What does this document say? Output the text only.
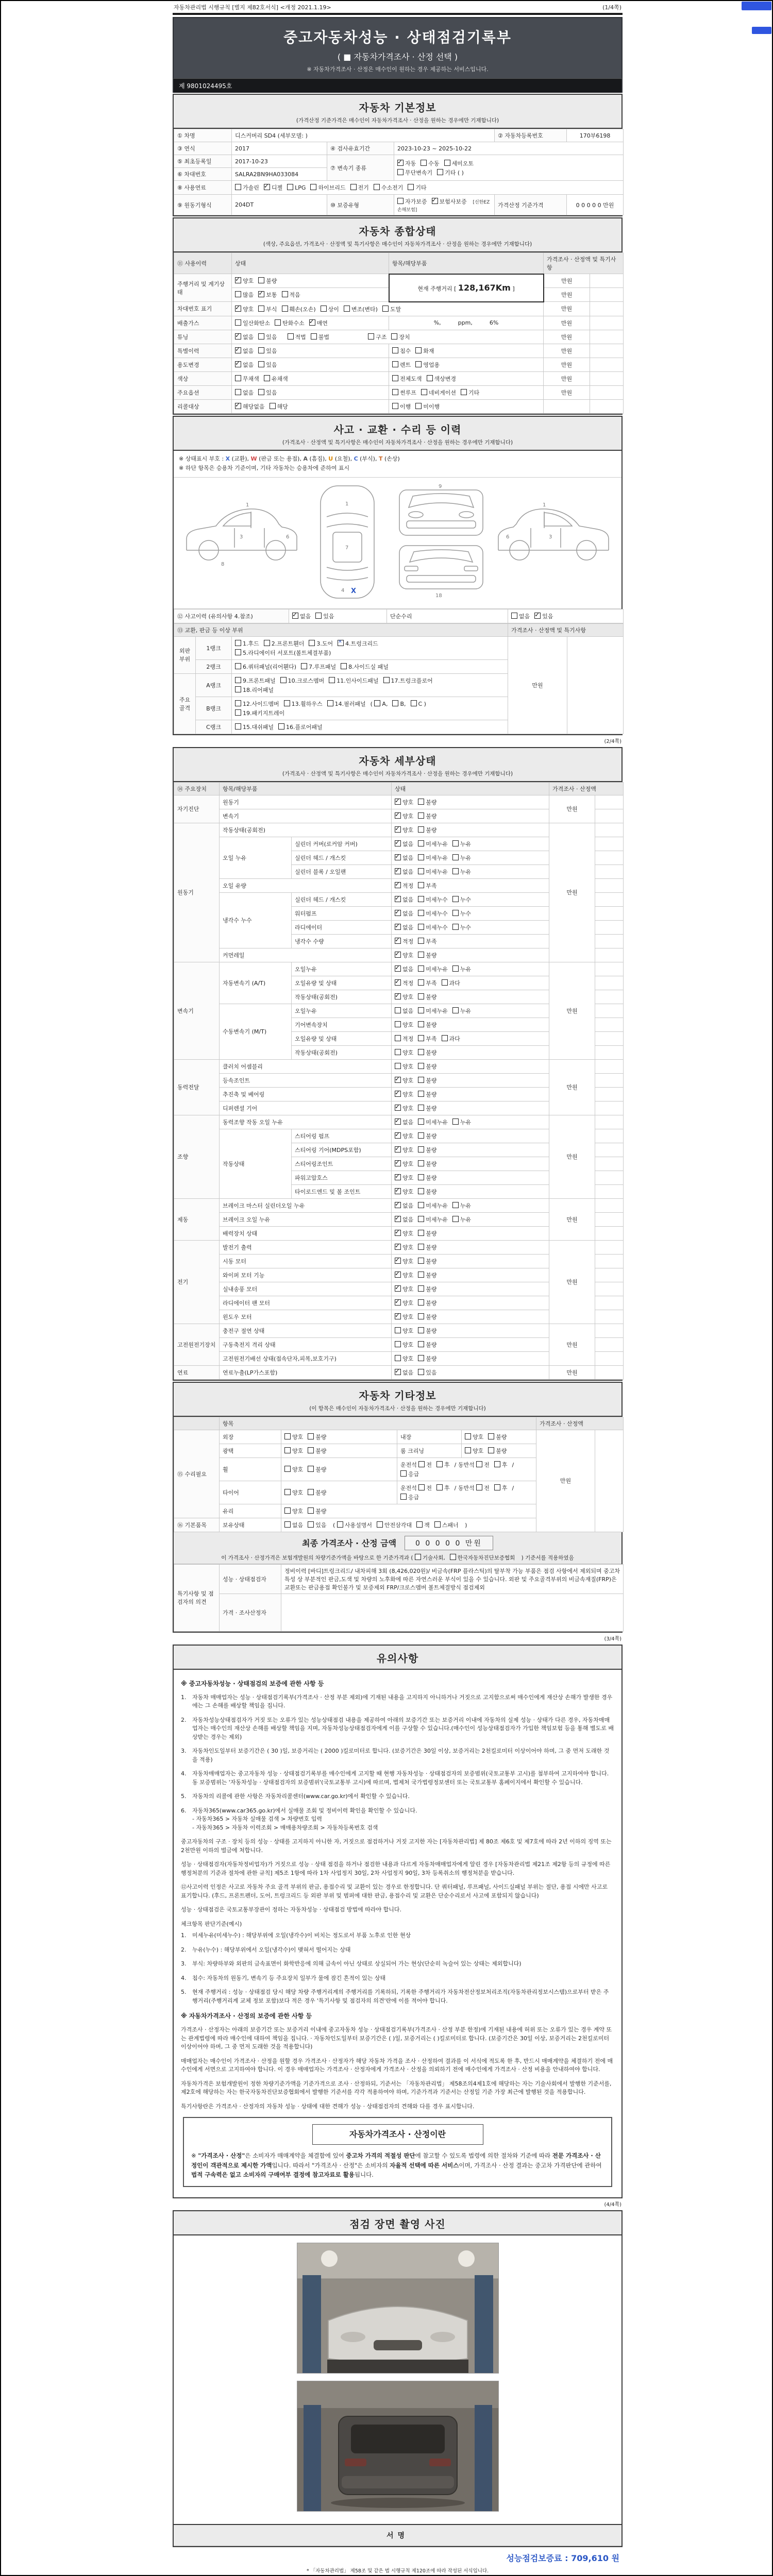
자동차관리법 시행규칙 [별지 제82호서식] <개정 2021.1.19>	(1/4쪽)
중고자동차성능 · 상태점검기록부
( ■ 자동차가격조사 · 산정 선택 )
※ 자동차가격조사 · 산정은 매수인이 원하는 경우 제공하는 서비스입니다.
제 9801024495호
자동차 기본정보
(가격산정 기준가격은 매수인이 자동차가격조사 · 산정을 원하는 경우에만 기재합니다)
① 차명	디스커버리 SD4 (세부모델: )			② 자동차등록번호	170부6198
③ 연식	2017	④ 검사유효기간	2023-10-23 ~ 2025-10-22		
⑤ 최초등록일	2017-10-23	⑦ 변속기 종류	✓자동 수동 세미오토
무단변속기 기타 ( )
⑥ 차대번호	SALRA2BN9HA033084				
⑧ 사용연료	가솔린 ✓ 디젤 LPG 하이브리드 전기 수소전기 기타
⑨ 원동기형식	204DT	⑩ 보증유형	자가보증 ✓ 보험사보증 [신한EZ손해보험]	가격산정 기준가격	0 0 0 0 0 만원
자동차 종합상태
(색상, 주요옵션, 가격조사 · 산정액 및 특기사항은 매수인이 자동차가격조사 · 산정을 원하는 경우에만 기재합니다)
⑪ 사용이력	상태	항목/해당부품	가격조사 · 산정액 및 특기사항	
주행거리 및 계기상태	✓양호 불량	현재 주행거리 [ 128,167Km ]	만원	
	많음 ✓ 보통 적음		만원	
차대번호 표기	✓양호 부식 훼손(오손) 상이 변조(변타) 도말		만원	
배출가스	일산화탄소 탄화수소 ✓ 매연	%,   ppm,   6%	만원	
튜닝	✓없음 있음   적법 불법       구조 장치		만원	
특별이력	✓없음 있음	침수 화재	만원	
용도변경	✓없음 있음	렌트 영업용	만원	
색상	무채색 유채색	전체도색 색상변경	만원	
주요옵션	없음 있음	썬루프 네비게이션 기타	만원	
리콜대상	✓해당없음 해당	이행 미이행		
사고 · 교환 · 수리 등 이력
(가격조사 · 산정액 및 특기사항은 매수인이 자동차가격조사 · 산정을 원하는 경우에만 기재합니다)
※ 상태표시 부호 : X (교환), W (판금 또는 용접), A (흠집), U (요철), C (부식), T (손상)
※ 하단 항목은 승용차 기준이며, 기타 자동차는 승용차에 준하여 표시
1
3	6
8
1
7
4
9
18
1
3
6
X
⑫ 사고이력 (유의사항 4.참조)	✓없음 있음	단순수리	없음 ✓ 있음
⑬ 교환, 판금 등 이상 부위			가격조사 · 산정액 및 특기사항	
외판부위	1랭크	1.후드 2.프론트휀더 3.도어 ✕ 4.트렁크리드
5.라디에이터 서포트(볼트체결부품)	만원	
	2랭크	6.쿼터패널(리어휀다) 7.루프패널 8.사이드실 패널		
주요골격	A랭크	9.프론트패널 10.크로스멤버 11.인사이드패널 17.트렁크플로어
18.리어패널		
	B랭크	12.사이드멤버 13.휠하우스 14.필러패널 ( A, B, C )
19.패키지트레이		
	C랭크	15.대쉬패널 16.플로어패널		
(2/4쪽)
자동차 세부상태
(가격조사 · 산정액 및 특기사항은 매수인이 자동차가격조사 · 산정을 원하는 경우에만 기재합니다)
⑭ 주요장치	항목/해당부품		상태	가격조사 · 산정액	
자기진단	원동기	✓양호 불량	만원	
	변속기	✓양호 불량	
원동기	작동상태(공회전)	✓양호 불량	만원	
	오일 누유	실린더 커버(로커암 커버)	✓없음 미세누유 누유	
		실린더 헤드 / 개스킷	✓없음 미세누유 누유	
		실린더 블록 / 오일팬	✓없음 미세누유 누유	
	오일 유량	✓적정 부족	
	냉각수 누수	실린더 헤드 / 개스킷	✓없음 미세누수 누수	
		워터펌프	✓없음 미세누수 누수	
		라디에이터	✓없음 미세누수 누수	
		냉각수 수량	✓적정 부족	
	커먼레일	✓양호 불량	
변속기	자동변속기 (A/T)	오일누유	✓없음 미세누유 누유	만원	
		오일유량 및 상태	✓적정 부족 과다	
		작동상태(공회전)	✓양호 불량	
	수동변속기 (M/T)	오일누유	없음 미세누유 누유		
		기어변속장치	양호 불량		
		오일유량 및 상태	적정 부족 과다		
		작동상태(공회전)	양호 불량		
동력전달	클러치 어셈블리		양호 불량	만원	
	등속조인트	✓양호 불량	
	추진축 및 베어링	✓양호 불량	
	디퍼렌셜 기어	✓양호 불량	
조향	동력조향 작동 오일 누유	✓없음 미세누유 누유	만원	
	작동상태	스티어링 펌프	✓양호 불량	
		스티어링 기어(MDPS포함)	✓양호 불량	
		스티어링조인트	✓양호 불량	
		파워고압호스	✓양호 불량	
		타이로드엔드 및 볼 조인트	✓양호 불량	
제동	브레이크 마스터 실린더오일 누유	✓없음 미세누유 누유	만원	
	브레이크 오일 누유	✓없음 미세누유 누유	
	배력장치 상태	✓양호 불량	
전기	발전기 출력	✓양호 불량	만원	
	시동 모터	✓양호 불량	
	와이퍼 모터 기능	✓양호 불량	
	실내송풍 모터	✓양호 불량	
	라디에이터 팬 모터	✓양호 불량	
	윈도우 모터	✓양호 불량	
고전원전기장치	충전구 절연 상태		양호 불량	만원	
	구동축전지 격리 상태		양호 불량		
	고전원전기배선 상태(접속단자,피복,보호기구)		양호 불량		
연료	연료누출(LP가스포함)	✓없음 있음	만원	
자동차 기타정보
(이 항목은 매수인이 자동차가격조사 · 산정을 원하는 경우에만 기재합니다)
	항목				가격조사 · 산정액	
⑮ 수리필요	외장	양호 불량	내장	양호 불량	만원	
	광택	양호 불량	룸 크리닝	양호 불량		
	휠	양호 불량	운전석 전 후 / 동반석 전 후 / 응급			
	타이어	양호 불량	운전석 전 후 / 동반석 전 후 / 응급			
	유리	양호 불량				
⑯ 기본품목	보유상태	없음 있음 ( 사용설명서 안전삼각대 잭 스패너 )				
최종 가격조사 · 산정 금액	0 0 0 0 0 만원
이 가격조사 · 산정가격은 보험개발원의 차량기준가액을 바탕으로 한 기준가격과 ( 기술사회, 한국자동차진단보증협회 ) 기준서를 적용하였음
특기사항 및 점검자의 의견	성능 · 상태점검자	정비이력 [바디]트렁크리드/ 내차피해 3회 (8,426,020원)/ 비금속(FRP 플라스틱)의 탈부착 가능 부품은 점검 사항에서 제외되며 중고차 특성 상 부분적인 판금,도색 및 차량의 노후화에 따른 자연스러운 부식이 있을 수 있습니다. 외판 및 주요골격부위의 비금속재질(FRP)은 교환또는 판금용접 확인불가 및 보증제외 FRP/크로스멤버 볼트체결방식 점검제외
	가격 · 조사산정자	
(3/4쪽)
유의사항
※ 중고자동차성능 · 상태점검의 보증에 관한 사항 등
1.	자동차 매매업자는 성능 · 상태점검기록부(가격조사 · 산정 부분 제외)에 기재된 내용을 고지하지 아니하거나 거짓으로 고지함으로써 매수인에게 재산상 손해가 발생한 경우에는 그 손해를 배상할 책임을 집니다.
2.	자동차성능상태점검자가 거짓 또는 오류가 있는 성능상태점검 내용을 제공하여 아래의 보증기간 또는 보증거리 이내에 자동차의 실제 성능 · 상태가 다른 경우, 자동차매매업자는 매수인의 재산상 손해를 배상할 책임을 지며, 자동차성능상태점검자에게 이를 구상할 수 있습니다.(매수인이 성능상태점검자가 가입한 책임보험 등을 통해 별도로 배상받는 경우는 제외)
3.	자동차인도일부터 보증기간은 ( 30 )일, 보증거리는 ( 2000 )킬로미터로 합니다. (보증기간은 30일 이상, 보증거리는 2천킬로미터 이상이어야 하며, 그 중 먼저 도래한 것을 적용)
4.	자동차매매업자는 중고자동차 성능 · 상태점검기록부를 매수인에게 고지할 때 현행 자동차성능 · 상태점검자의 보증범위(국토교통부 고시)를 첨부하여 고지하여야 합니다. 동 보증범위는 '자동차성능 · 상태점검자의 보증범위'(국토교통부 고시)에 따르며, 법제처 국가법령정보센터 또는 국토교통부 홈페이지에서 확인할 수 있습니다.
5.	자동차의 리콜에 관한 사항은 자동차리콜센터(www.car.go.kr)에서 확인할 수 있습니다.
6.	자동차365(www.car365.go.kr)에서 실매물 조회 및 정비이력 확인을 확인할 수 있습니다.
- 자동차365 > 자동차 실매물 검색 > 차량번호 입력
- 자동차365 > 자동차 이력조회 > 매매용차량조회 > 자동차등록번호 검색
중고자동차의 구조 · 장치 등의 성능 · 상태를 고지하지 아니한 자, 거짓으로 점검하거나 거짓 고지한 자는 [자동차관리법] 제 80조 제6호 및 제7호에 따라 2년 이하의 징역 또는 2천만원 이하의 벌금에 처합니다.
성능 · 상태점검자(자동차정비업자)가 거짓으로 성능 · 상태 점검을 하거나 점검한 내용과 다르게 자동차매매업자에게 알린 경우 [자동차관리법 제21조 제2항 등의 규정에 따른 행정처분의 기준과 절차에 관한 규칙] 제5조 1항에 따라 1차 사업정지 30일, 2차 사업정지 90일, 3차 등록취소의 행정처분을 받습니다.
⑫사고이력 인정은 사고로 자동차 주요 골격 부위의 판금, 용접수리 및 교환이 있는 경우로 한정합니다. 단 쿼터패널, 루프패널, 사이드실패널 부위는 절단, 용접 시에만 사고로 표기합니다. (후드, 프론트펜더, 도어, 트렁크리드 등 외판 부위 및 범퍼에 대한 판금, 용접수리 및 교환은 단순수리로서 사고에 포함되지 않습니다)
성능 · 상태점검은 국토교통부장관이 정하는 자동차성능 · 상태점검 방법에 따라야 합니다.
체크항목 판단기준(예시)
1.	미세누유(미세누수) : 해당부위에 오일(냉각수)이 비치는 정도로서 부품 노후로 인한 현상
2.	누유(누수) : 해당부위에서 오일(냉각수)이 맺혀서 떨어지는 상태
3.	부식: 차량하부와 외판의 금속표면이 화학반응에 의해 금속이 아닌 상태로 상실되어 가는 현상(단순히 녹슬어 있는 상태는 제외합니다)
4.	침수: 자동차의 원동기, 변속기 등 주요장치 일부가 물에 잠긴 흔적이 있는 상태
5.	현재 주행거리 : 성능 · 상태점검 당시 해당 차량 주행거리계의 주행거리를 기록하되, 기록한 주행거리가 자동차전산정보처리조직(자동차관리정보시스템)으로부터 받은 주행거리(주행거리계 교체 정보 포함)보다 적은 경우 '특기사항 및 점검자의 의견'란에 이를 적어야 합니다.
※ 자동차가격조사 · 산정의 보증에 관한 사항 등
가격조사 · 산정자는 아래의 보증기간 또는 보증거리 이내에 중고자동차 성능 · 상태점검기록부(가격조사 · 산정 부분 한정)에 기재된 내용에 허위 또는 오류가 있는 경우 계약 또는 관계법령에 따라 매수인에 대하여 책임을 집니다. · 자동차인도일부터 보증기간은 ( )일, 보증거리는 ( )킬로미터로 합니다. (보증기간은 30일 이상, 보증거리는 2천킬로미터 이상이어야 하며, 그 중 먼저 도래한 것을 적용합니다)
매매업자는 매수인이 가격조사 · 산정을 원할 경우 가격조사 · 산정자가 해당 자동차 가격을 조사 · 산정하여 결과를 이 서식에 적도록 한 후, 반드시 매매계약을 체결하기 전에 매수인에게 서면으로 고지하여야 합니다. 이 경우 매매업자는 가격조사 · 산정자에게 가격조사 · 산정을 의뢰하기 전에 매수인에게 가격조사 · 산정 비용을 안내하여야 합니다.
자동차가격은 보험개발원이 정한 차량기준가액을 기준가격으로 조사 · 산정하되, 기준서는 「자동차관리법」 제58조의4제1호에 해당하는 자는 기술사회에서 발행한 기준서를, 제2호에 해당하는 자는 한국자동차진단보증협회에서 발행한 기준서를 각각 적용하여야 하며, 기준가격과 기준서는 산정일 기준 가장 최근에 발행된 것을 적용합니다.
특기사항란은 가격조사 · 산정자의 자동차 성능 · 상태에 대한 견해가 성능 · 상태점검자의 견해와 다를 경우 표시합니다.
자동차가격조사 · 산정이란
※ "가격조사 · 산정"은 소비자가 매매계약을 체결함에 있어 중고차 가격의 적절성 판단에 참고할 수 있도록 법령에 의한 절차와 기준에 따라 전문 가격조사 · 산정인이 객관적으로 제시한 가액입니다. 따라서 "가격조사 · 산정"은 소비자의 자율적 선택에 따른 서비스이며, 가격조사 · 산정 결과는 중고차 가격판단에 관하여 법적 구속력은 없고 소비자의 구매여부 결정에 참고자료로 활용됩니다.
(4/4쪽)
점검 장면 촬영 사진
서명
성능점검보증료 : 709,610 원
* 「자동차관리법」 제58조 및 같은 법 시행규칙 제120조에 따라 작성된 서식입니다.
